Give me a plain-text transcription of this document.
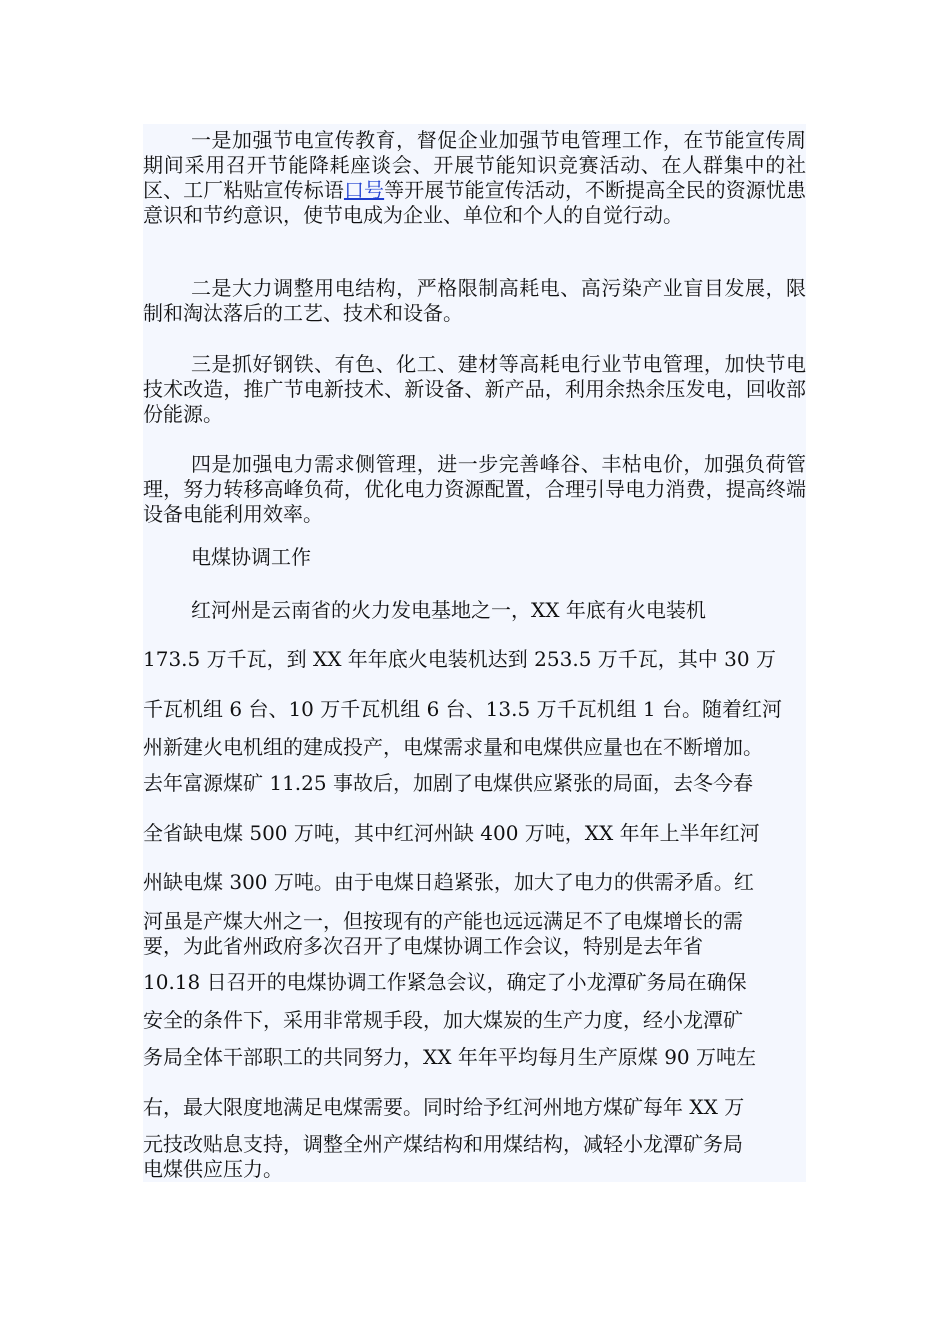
一是加强节电宣传教育，督促企业加强节电管理工作，在节能宣传周期间采用召开节能降耗座谈会、开展节能知识竞赛活动、在人群集中的社区、工厂粘贴宣传标语口号等开展节能宣传活动，不断提高全民的资源忧患意识和节约意识，使节电成为企业、单位和个人的自觉行动。

二是大力调整用电结构，严格限制高耗电、高污染产业盲目发展，限制和淘汰落后的工艺、技术和设备。

三是抓好钢铁、有色、化工、建材等高耗电行业节电管理，加快节电技术改造，推广节电新技术、新设备、新产品，利用余热余压发电，回收部份能源。

四是加强电力需求侧管理，进一步完善峰谷、丰枯电价，加强负荷管理，努力转移高峰负荷，优化电力资源配置，合理引导电力消费，提高终端设备电能利用效率。

电煤协调工作

红河州是云南省的火力发电基地之一，XX 年底有火电装机
173.5 万千瓦，到 XX 年年底火电装机达到 253.5 万千瓦，其中 30 万
千瓦机组 6 台、10 万千瓦机组 6 台、13.5 万千瓦机组 1 台。随着红河
州新建火电机组的建成投产，电煤需求量和电煤供应量也在不断增加。
去年富源煤矿 11.25 事故后，加剧了电煤供应紧张的局面，去冬今春
全省缺电煤 500 万吨，其中红河州缺 400 万吨，XX 年年上半年红河
州缺电煤 300 万吨。由于电煤日趋紧张，加大了电力的供需矛盾。红
河虽是产煤大州之一，但按现有的产能也远远满足不了电煤增长的需
要，为此省州政府多次召开了电煤协调工作会议，特别是去年省
10.18 日召开的电煤协调工作紧急会议，确定了小龙潭矿务局在确保
安全的条件下，采用非常规手段，加大煤炭的生产力度，经小龙潭矿
务局全体干部职工的共同努力，XX 年年平均每月生产原煤 90 万吨左
右，最大限度地满足电煤需要。同时给予红河州地方煤矿每年 XX 万
元技改贴息支持，调整全州产煤结构和用煤结构，减轻小龙潭矿务局
电煤供应压力。
